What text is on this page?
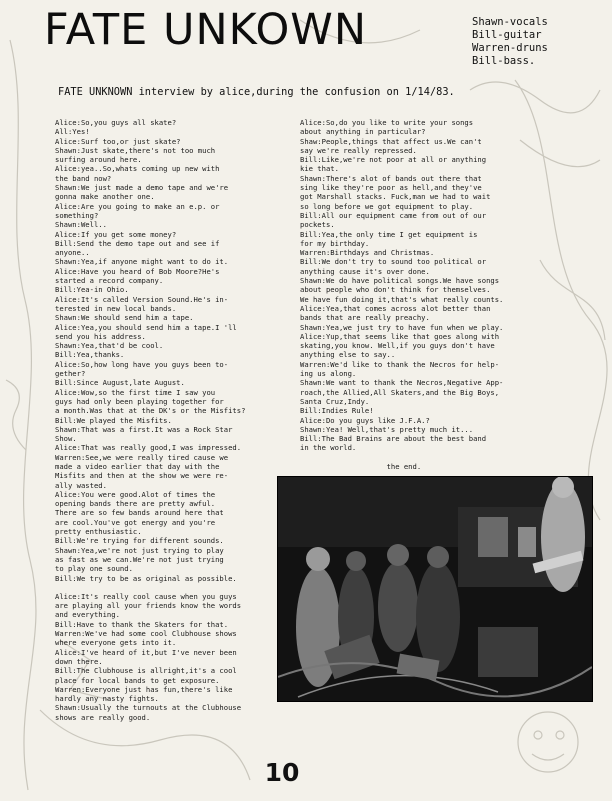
FATE UNKOWN	Shawn-vocals
Bill-guitar
Warren-druns
Bill-bass.
FATE UNKNOWN interview by alice,during the confusion on 1/14/83.

Alice:So,you guys all skate?

All:Yes!

Alice:Surf too,or just skate?

Shawn:Just skate,there's not too much

surfing around here.

Alice:yea..So,whats coming up new with

the band now?

Shawn:We just made a demo tape and we're

gonna make another one.

Alice:Are you going to make an e.p. or

something?

Shawn:Well..

Alice:If you get some money?

Bill:Send the demo tape out and see if

anyone..

Shawn:Yea,if anyone might want to do it.

Alice:Have you heard of Bob Moore?He's

started a record company.

Bill:Yea-in Ohio.

Alice:It's called Version Sound.He's in-

terested in new local bands.

Shawn:We should send him a tape.

Alice:Yea,you should send him a tape.I 'll

send you his address.

Shawn:Yea,that'd be cool.

Bill:Yea,thanks.

Alice:So,how long have you guys been to-

gether?

Bill:Since August,late August.

Alice:Wow,so the first time I saw you

guys had only been playing together for

a month.Was that at the DK's or the Misfits?

Bill:We played the Misfits.

Shawn:That was a first.It was a Rock Star

Show.

Alice:That was really good,I was impressed.

Warren:See,we were really tired cause we

made a video earlier that day with the

Misfits and then at the show we were re-

ally wasted.

Alice:You were good.Alot of times the

opening bands there are pretty awful.

There are so few bands around here that

are cool.You've got energy and you're

pretty enthusiastic.

Bill:We're trying for different sounds.

Shawn:Yea,we're not just trying to play

as fast as we can.We're not just trying

to play one sound.

Bill:We try to be as original as possible.

Alice:It's really cool cause when you guys

are playing all your friends know the words

and everything.

Bill:Have to thank the Skaters for that.

Warren:We've had some cool Clubhouse shows

where everyone gets into it.

Alice:I've heard of it,but I've never been

down there.

Bill:The Clubhouse is allright,it's a cool

place for local bands to get exposure.

Warren:Everyone just has fun,there's like

hardly any nasty fights.

Shawn:Usually the turnouts at the Clubhouse

shows are really good.

Alice:So,do you like to write your songs

about anything in particular?

Shaw:People,things that affect us.We can't

say we're really repressed.

Bill:Like,we're not poor at all or anything

kie that.

Shawn:There's alot of bands out there that

sing like they're poor as hell,and they've

got Marshall stacks. Fuck,man we had to wait

so long before we got equipment to play.

Bill:All our equipment came from out of our

pockets.

Bill:Yea,the only time I get equipment is

for my birthday.

Warren:Birthdays and Christmas.

Bill:We don't try to sound too political or

anything cause it's over done.

Shawn:We do have political songs.We have songs

about people who don't think for themselves.

We have fun doing it,that's what really counts.

Alice:Yea,that comes across alot better than

bands that are really preachy.

Shawn:Yea,we just try to have fun when we play.

Alice:Yup,that seems like that goes along with

skating,you know. Well,if you guys don't have

anything else to say..

Warren:We'd like to thank the Necros for help-

ing us along.

Shawn:We want to thank the Necros,Negative App-

roach,the Allied,All Skaters,and the Big Boys,

Santa Cruz,Indy.

Bill:Indies Rule!

Alice:Do you guys like J.F.A.?

Shawn:Yea! Well,that's pretty much it...

Bill:The Bad Brains are about the best band

in the world.

the end.

10
